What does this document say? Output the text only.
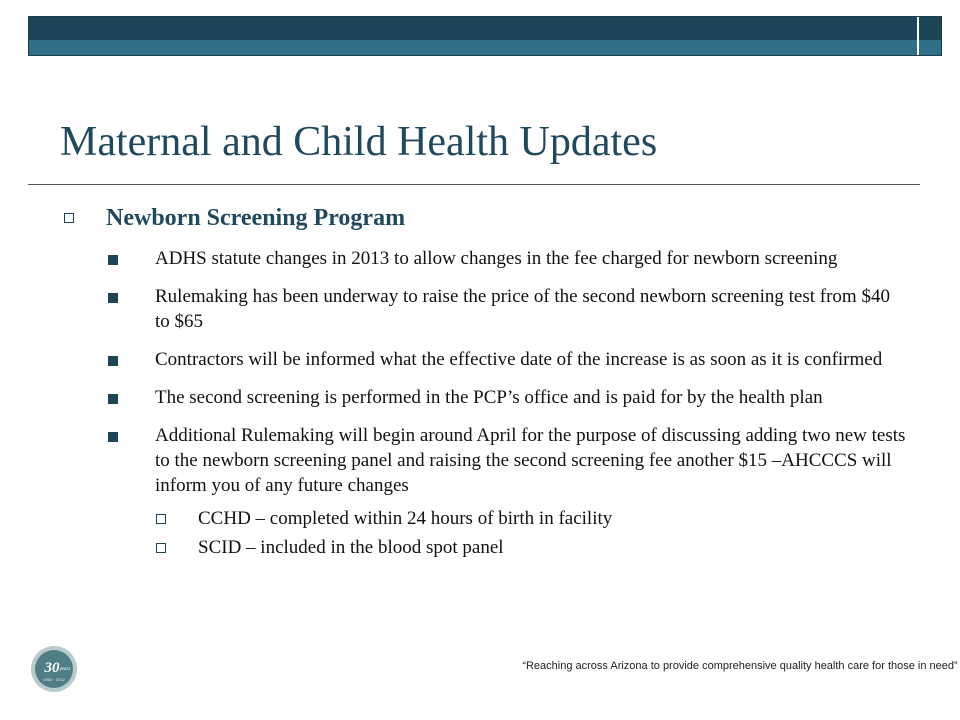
Maternal and Child Health Updates
Newborn Screening Program
ADHS statute changes in 2013 to allow changes in the fee charged for newborn screening
Rulemaking has been underway to raise the price of the second newborn screening test from $40 to $65
Contractors will be informed what the effective date of the increase is as soon as it is confirmed
The second screening is performed in the PCP’s office and is paid for by the health plan
Additional Rulemaking will begin around April for the purpose of discussing adding two new tests to the newborn screening panel and raising the second screening fee another $15 –AHCCCS will inform you of any future changes
CCHD – completed within 24 hours of birth in facility
SCID – included in the blood spot panel
30 years
1982 · 2012
“Reaching across Arizona to provide comprehensive quality health care for those in need”
